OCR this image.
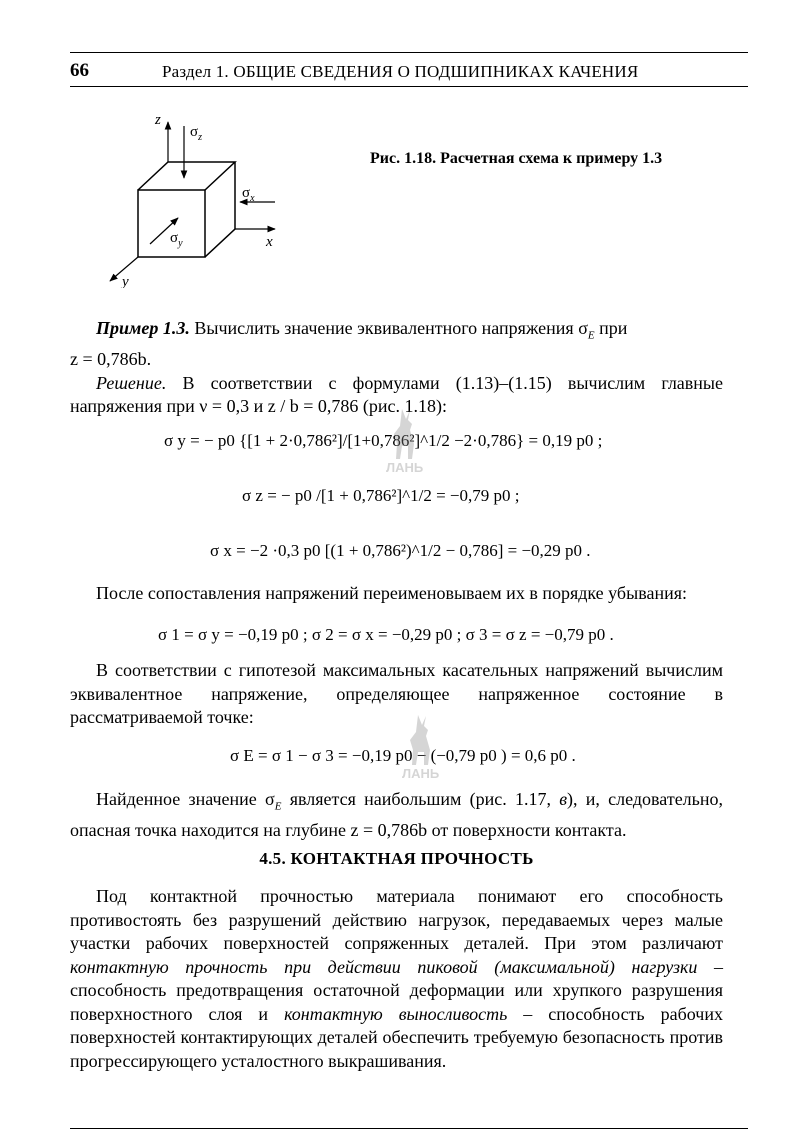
66	Раздел 1. ОБЩИЕ СВЕДЕНИЯ О ПОДШИПНИКАХ КАЧЕНИЯ
z
x
y
$\sigma_z$
$\sigma_x$
$\sigma_y$
Рис. 1.18. Расчетная схема к примеру 1.3

Пример 1.3. Вычислить значение эквивалентного напряжения $\sigma_E$ при

z = 0,786b.

Решение. В соответствии с формулами (1.13)–(1.15) вычислим главные напряжения при ν = 0,3 и z / b = 0,786 (рис. 1.18):

σ y = − p0 {[1 + 2·0,786²]/[1+0,786²]^1/2 −2·0,786} = 0,19 p0 ;
σ z = − p0 /[1 + 0,786²]^1/2 = −0,79 p0 ;
σ x = −2 ·0,3 p0 [(1 + 0,786²)^1/2 − 0,786] = −0,29 p0 .

После сопоставления напряжений переименовываем их в порядке убывания:

σ 1 = σ y = −0,19 p0 ; σ 2 = σ x = −0,29 p0 ; σ 3 = σ z = −0,79 p0 .

В соответствии с гипотезой максимальных касательных напряжений вычислим эквивалентное напряжение, определяющее напряженное состояние в рассматриваемой точке:

σ E = σ 1 − σ 3 = −0,19 p0 − (−0,79 p0 ) = 0,6 p0 .

Найденное значение $\sigma_E$ является наибольшим (рис. 1.17, в), и, следовательно, опасная точка находится на глубине z = 0,786b от поверхности контакта.

4.5. КОНТАКТНАЯ ПРОЧНОСТЬ

Под контактной прочностью материала понимают его способность противостоять без разрушений действию нагрузок, передаваемых через малые участки рабочих поверхностей сопряженных деталей. При этом различают контактную прочность при действии пиковой (максимальной) нагрузки – способность предотвращения остаточной деформации или хрупкого разрушения поверхностного слоя и контактную выносливость – способность рабочих поверхностей контактирующих деталей обеспечить требуемую безопасность против прогрессирующего усталостного выкрашивания.

ЛАНЬ
ЛАНЬ
